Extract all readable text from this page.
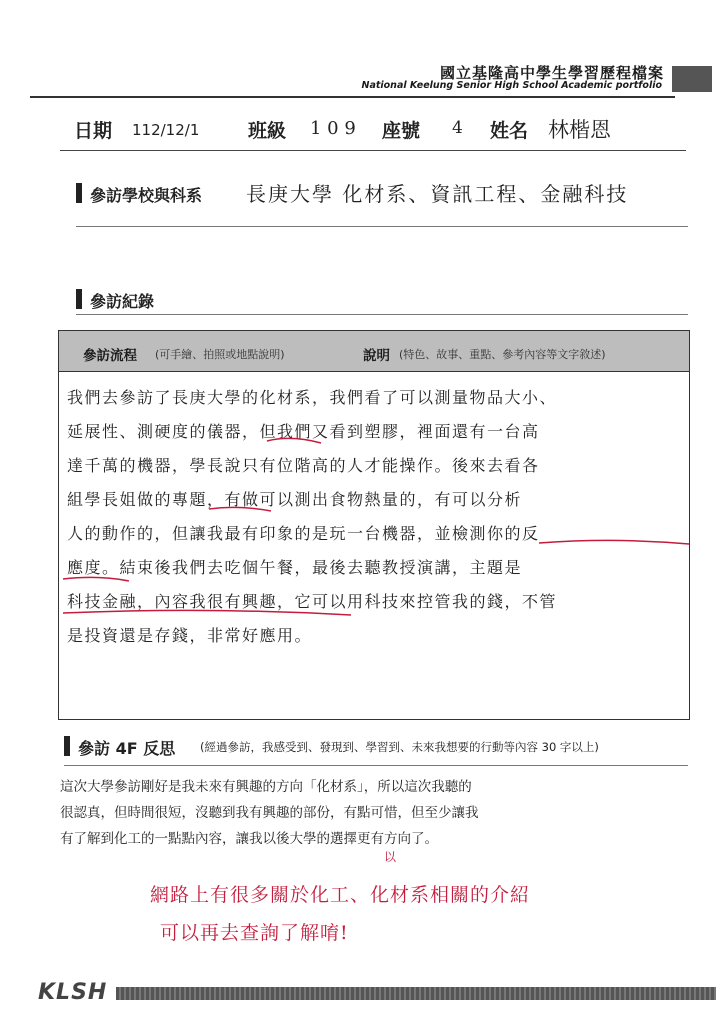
國立基隆高中學生學習歷程檔案
National Keelung Senior High School Academic portfolio
日期 112/12/1	班級 1 0 9 座號 4 姓名 林楷恩
參訪學校與科系 長庚大學 化材系、資訊工程、金融科技
參訪紀錄
參訪流程 (可手繪、拍照或地點說明)	說明 (特色、故事、重點、參考內容等文字敘述)
我們去參訪了長庚大學的化材系，我們看了可以測量物品大小、
延展性、測硬度的儀器，但我們又看到塑膠，裡面還有一台高
達千萬的機器，學長說只有位階高的人才能操作。後來去看各
組學長姐做的專題，有做可以測出食物熱量的，有可以分析
人的動作的，但讓我最有印象的是玩一台機器，並檢測你的反
應度。結束後我們去吃個午餐，最後去聽教授演講，主題是
科技金融，內容我很有興趣，它可以用科技來控管我的錢，不管
是投資還是存錢，非常好應用。
參訪 4F 反思 (經過參訪，我感受到、發現到、學習到、未來我想要的行動等內容 30 字以上)
這次大學參訪剛好是我未來有興趣的方向「化材系」，所以這次我聽的
很認真，但時間很短，沒聽到我有興趣的部份，有點可惜，但至少讓我
有了解到化工的一點點內容，讓我以後大學的選擇更有方向了。
以
網路上有很多關於化工、化材系相關的介紹
可以再去查詢了解唷!
KLSH
